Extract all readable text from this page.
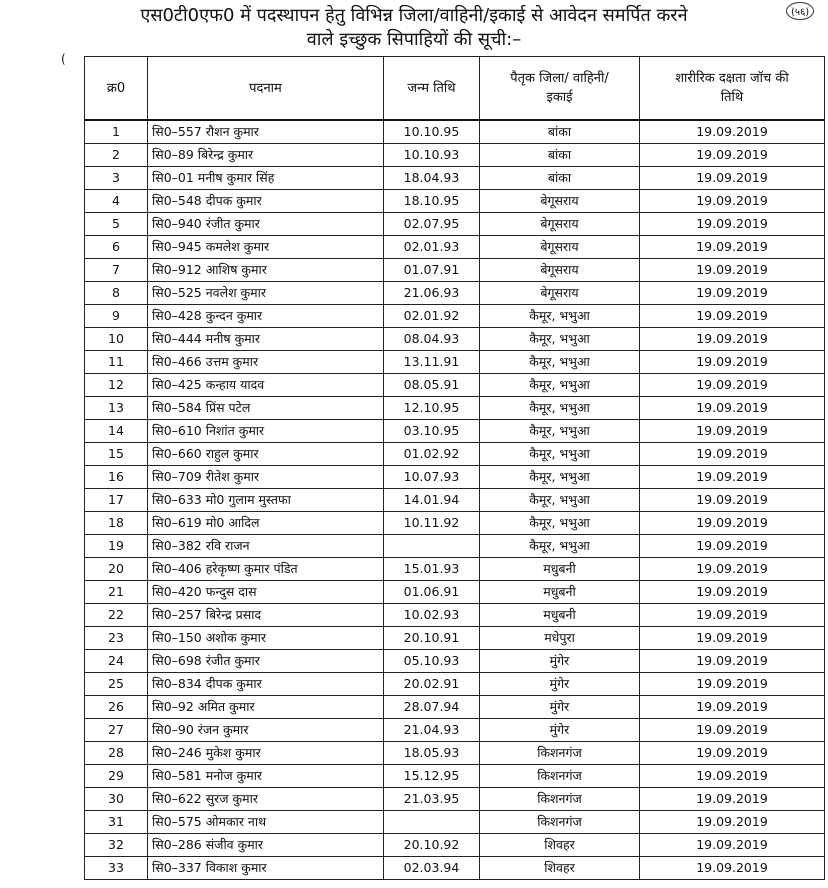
एस0टी0एफ0 में पदस्थापन हेतु विभिन्न जिला/वाहिनी/इकाई से आवेदन समर्पित करने
वाले इच्छुक सिपाहियों की सूची:–
(५६)
(
क्र0	पदनाम	जन्म तिथि	पैतृक जिला/ वाहिनी/इकाई	शारीरिक दक्षता जॉच की तिथि
1	सि0–557 रौशन कुमार	10.10.95	बांका	19.09.2019
2	सि0–89 बिरेन्द्र कुमार	10.10.93	बांका	19.09.2019
3	सि0–01 मनीष कुमार सिंह	18.04.93	बांका	19.09.2019
4	सि0–548 दीपक कुमार	18.10.95	बेगूसराय	19.09.2019
5	सि0–940 रंजीत कुमार	02.07.95	बेगूसराय	19.09.2019
6	सि0–945 कमलेश कुमार	02.01.93	बेगूसराय	19.09.2019
7	सि0–912 आशिष कुमार	01.07.91	बेगूसराय	19.09.2019
8	सि0–525 नवलेश कुमार	21.06.93	बेगूसराय	19.09.2019
9	सि0–428 कुन्दन कुमार	02.01.92	कैमूर, भभुआ	19.09.2019
10	सि0–444 मनीष कुमार	08.04.93	कैमूर, भभुआ	19.09.2019
11	सि0–466 उत्तम कुमार	13.11.91	कैमूर, भभुआ	19.09.2019
12	सि0–425 कन्हाय यादव	08.05.91	कैमूर, भभुआ	19.09.2019
13	सि0–584 प्रिंस पटेल	12.10.95	कैमूर, भभुआ	19.09.2019
14	सि0–610 निशांत कुमार	03.10.95	कैमूर, भभुआ	19.09.2019
15	सि0–660 राहुल कुमार	01.02.92	कैमूर, भभुआ	19.09.2019
16	सि0–709 रीतेश कुमार	10.07.93	कैमूर, भभुआ	19.09.2019
17	सि0–633 मो0 गुलाम मुस्तफा	14.01.94	कैमूर, भभुआ	19.09.2019
18	सि0–619 मो0 आदिल	10.11.92	कैमूर, भभुआ	19.09.2019
19	सि0–382 रवि राजन		कैमूर, भभुआ	19.09.2019
20	सि0–406 हरेकृष्ण कुमार पंडित	15.01.93	मधुबनी	19.09.2019
21	सि0–420 फन्दुस दास	01.06.91	मधुबनी	19.09.2019
22	सि0–257 बिरेन्द्र प्रसाद	10.02.93	मधुबनी	19.09.2019
23	सि0–150 अशोक कुमार	20.10.91	मधेपुरा	19.09.2019
24	सि0–698 रंजीत कुमार	05.10.93	मुंगेर	19.09.2019
25	सि0–834 दीपक कुमार	20.02.91	मुंगेर	19.09.2019
26	सि0–92 अमित कुमार	28.07.94	मुंगेर	19.09.2019
27	सि0–90 रंजन कुमार	21.04.93	मुंगेर	19.09.2019
28	सि0–246 मुकेश कुमार	18.05.93	किशनगंज	19.09.2019
29	सि0–581 मनोज कुमार	15.12.95	किशनगंज	19.09.2019
30	सि0–622 सुरज कुमार	21.03.95	किशनगंज	19.09.2019
31	सि0–575 ओमकार नाथ		किशनगंज	19.09.2019
32	सि0–286 संजीव कुमार	20.10.92	शिवहर	19.09.2019
33	सि0–337 विकाश कुमार	02.03.94	शिवहर	19.09.2019
